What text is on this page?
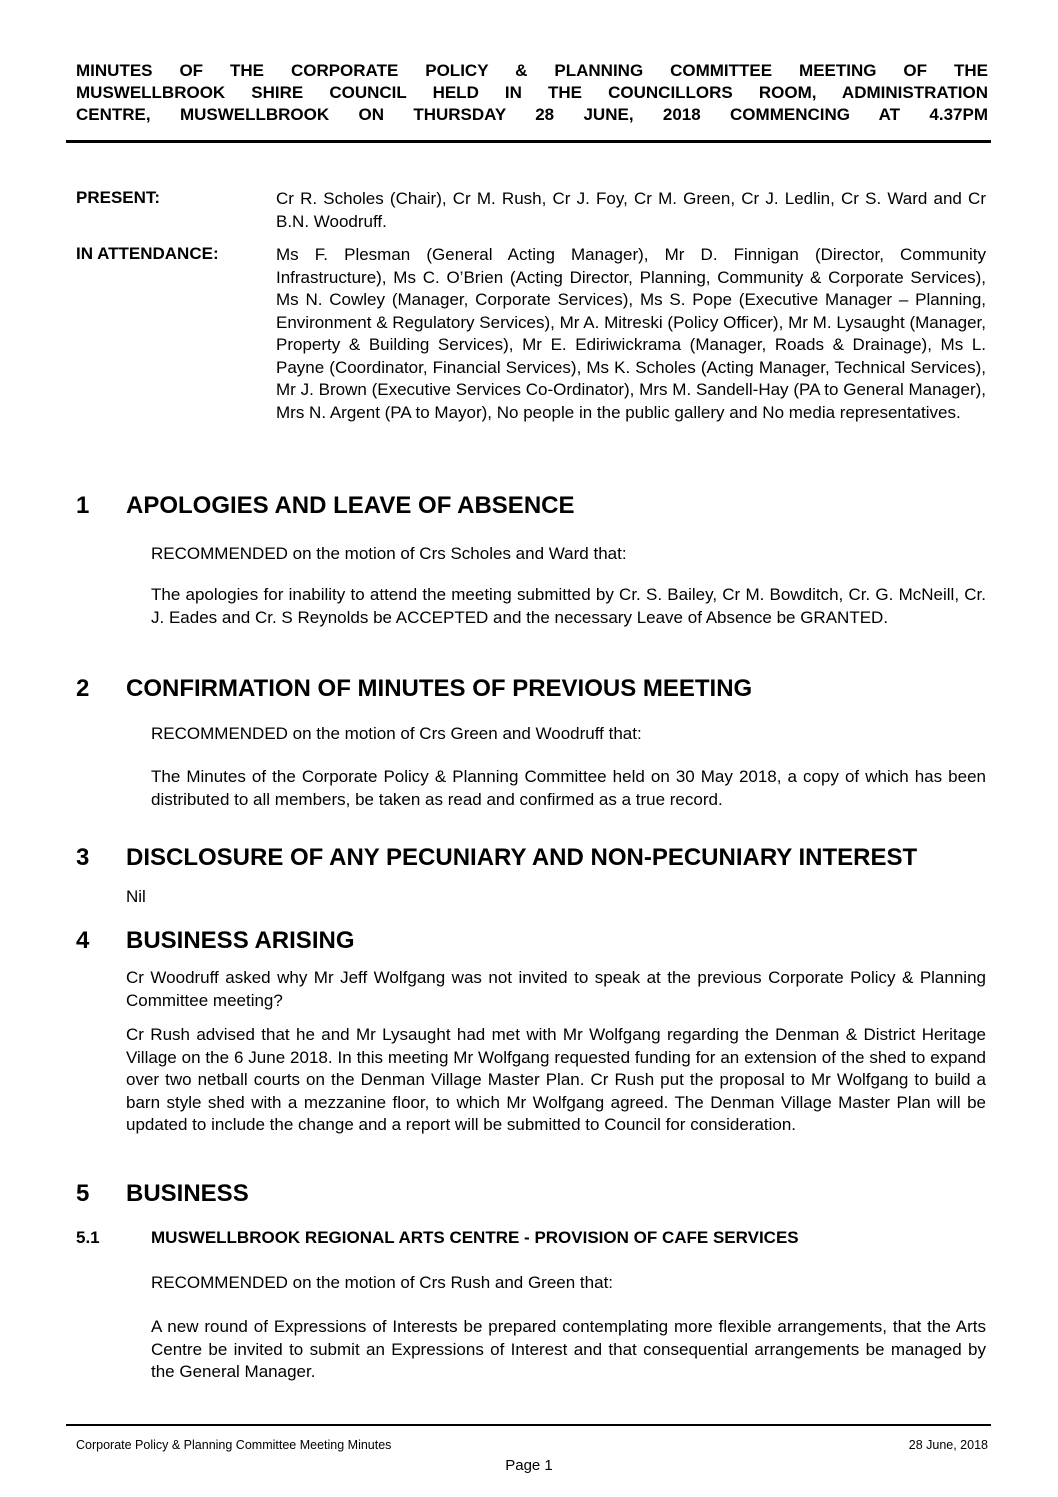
MINUTES OF THE CORPORATE POLICY & PLANNING COMMITTEE MEETING OF THE
MUSWELLBROOK SHIRE COUNCIL HELD IN THE COUNCILLORS ROOM, ADMINISTRATION
CENTRE, MUSWELLBROOK ON THURSDAY 28 JUNE, 2018 COMMENCING AT 4.37PM
PRESENT:	Cr R. Scholes (Chair), Cr M. Rush, Cr J. Foy, Cr M. Green, Cr J. Ledlin, Cr S. Ward and Cr B.N. Woodruff.
IN ATTENDANCE:	Ms F. Plesman (General Acting Manager), Mr D. Finnigan (Director, Community Infrastructure), Ms C. O’Brien (Acting Director, Planning, Community & Corporate Services), Ms N. Cowley (Manager, Corporate Services), Ms S. Pope (Executive Manager – Planning, Environment & Regulatory Services), Mr A. Mitreski (Policy Officer), Mr M. Lysaught (Manager, Property & Building Services), Mr E. Ediriwickrama (Manager, Roads & Drainage), Ms L. Payne (Coordinator, Financial Services), Ms K. Scholes (Acting Manager, Technical Services), Mr J. Brown (Executive Services Co-Ordinator), Mrs M. Sandell-Hay (PA to General Manager), Mrs N. Argent (PA to Mayor), No people in the public gallery and No media representatives.
1 APOLOGIES AND LEAVE OF ABSENCE
RECOMMENDED on the motion of Crs Scholes and Ward that:
The apologies for inability to attend the meeting submitted by Cr. S. Bailey, Cr M. Bowditch, Cr. G. McNeill, Cr. J. Eades and Cr. S Reynolds be ACCEPTED and the necessary Leave of Absence be GRANTED.
2 CONFIRMATION OF MINUTES OF PREVIOUS MEETING
RECOMMENDED on the motion of Crs Green and Woodruff that:
The Minutes of the Corporate Policy & Planning Committee held on 30 May 2018, a copy of which has been distributed to all members, be taken as read and confirmed as a true record.
3 DISCLOSURE OF ANY PECUNIARY AND NON-PECUNIARY INTEREST
Nil
4 BUSINESS ARISING
Cr Woodruff asked why Mr Jeff Wolfgang was not invited to speak at the previous Corporate Policy & Planning Committee meeting?
Cr Rush advised that he and Mr Lysaught had met with Mr Wolfgang regarding the Denman & District Heritage Village on the 6 June 2018. In this meeting Mr Wolfgang requested funding for an extension of the shed to expand over two netball courts on the Denman Village Master Plan. Cr Rush put the proposal to Mr Wolfgang to build a barn style shed with a mezzanine floor, to which Mr Wolfgang agreed. The Denman Village Master Plan will be updated to include the change and a report will be submitted to Council for consideration.
5 BUSINESS
5.1	MUSWELLBROOK REGIONAL ARTS CENTRE - PROVISION OF CAFE SERVICES
RECOMMENDED on the motion of Crs Rush and Green that:
A new round of Expressions of Interests be prepared contemplating more flexible arrangements, that the Arts Centre be invited to submit an Expressions of Interest and that consequential arrangements be managed by the General Manager.
Corporate Policy & Planning Committee Meeting Minutes	28 June, 2018
Page 1
